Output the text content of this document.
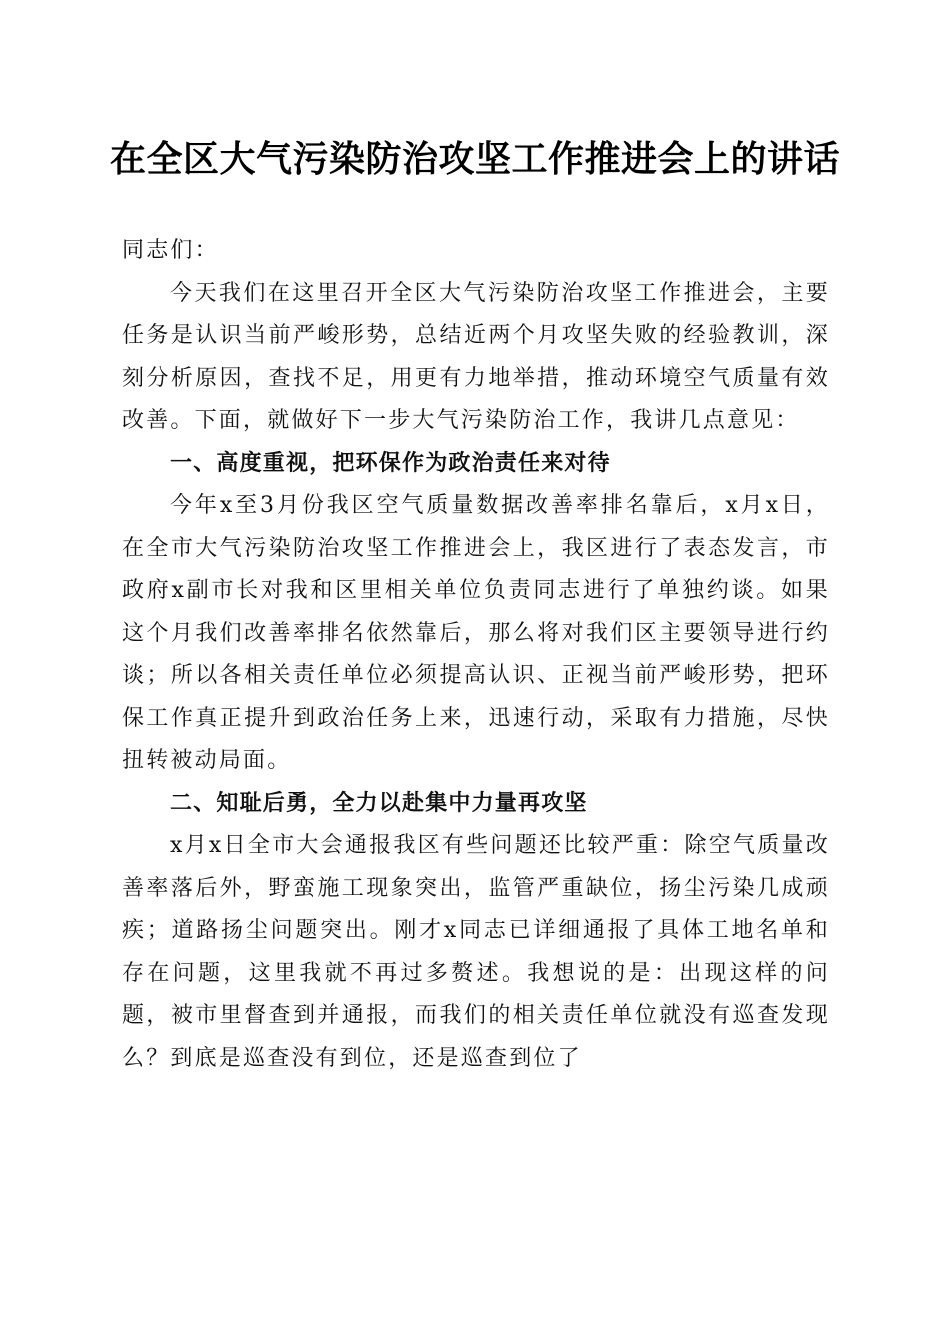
在全区大气污染防治攻坚工作推进会上的讲话

同志们：

今天我们在这里召开全区大气污染防治攻坚工作推进会，主要任务是认识当前严峻形势，总结近两个月攻坚失败的经验教训，深刻分析原因，查找不足，用更有力地举措，推动环境空气质量有效改善。下面，就做好下一步大气污染防治工作，我讲几点意见：

一、高度重视，把环保作为政治责任来对待

今年x至3月份我区空气质量数据改善率排名靠后，x月x日，在全市大气污染防治攻坚工作推进会上，我区进行了表态发言，市政府x副市长对我和区里相关单位负责同志进行了单独约谈。如果这个月我们改善率排名依然靠后，那么将对我们区主要领导进行约谈；所以各相关责任单位必须提高认识、正视当前严峻形势，把环保工作真正提升到政治任务上来，迅速行动，采取有力措施，尽快扭转被动局面。

二、知耻后勇，全力以赴集中力量再攻坚

x月x日全市大会通报我区有些问题还比较严重：除空气质量改善率落后外，野蛮施工现象突出，监管严重缺位，扬尘污染几成顽疾；道路扬尘问题突出。刚才x同志已详细通报了具体工地名单和存在问题，这里我就不再过多赘述。我想说的是：出现这样的问题，被市里督查到并通报，而我们的相关责任单位就没有巡查发现么？到底是巡查没有到位，还是巡查到位了
